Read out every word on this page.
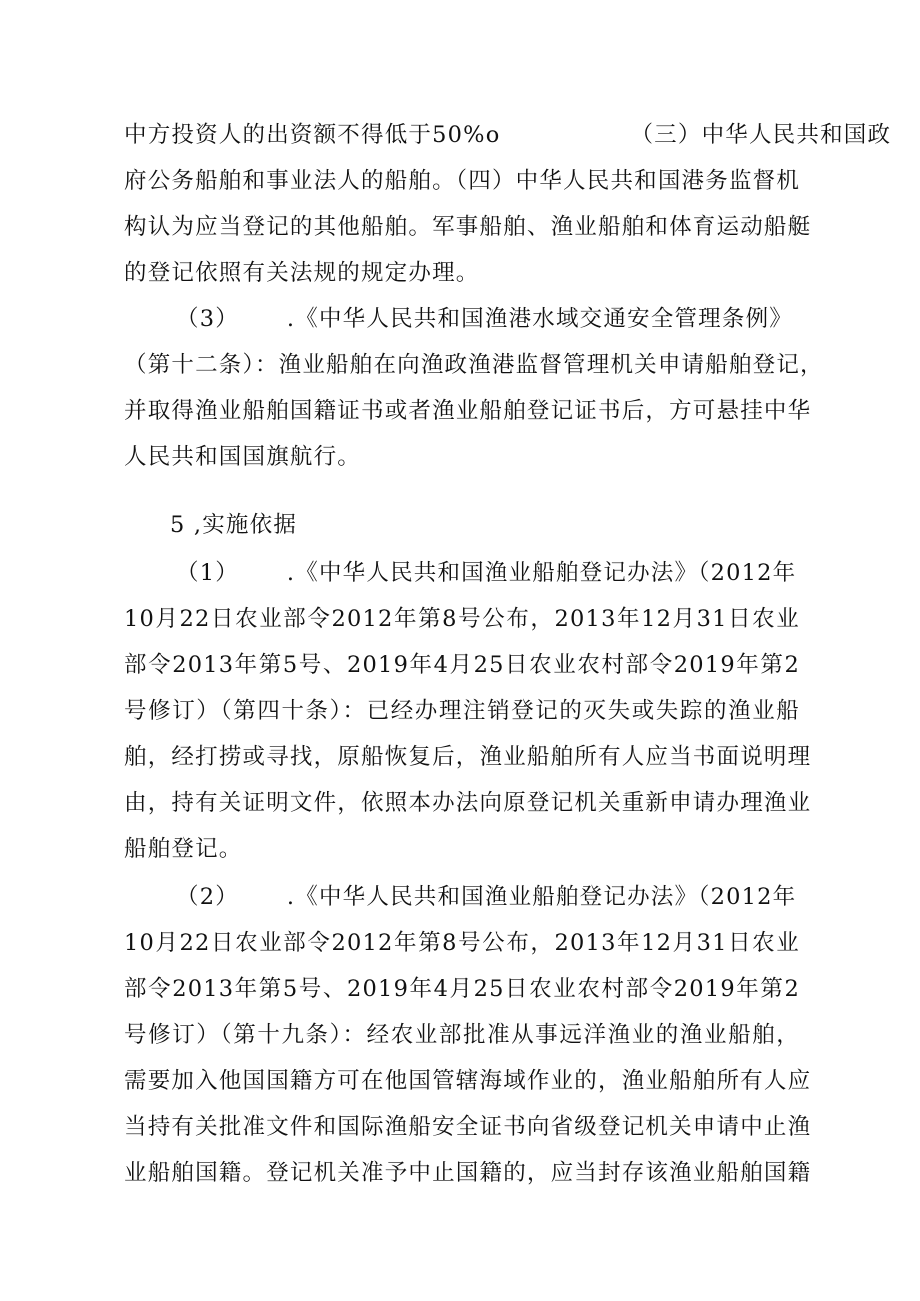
中方投资人的出资额不得低于50%o	（三）中华人民共和国政
府公务船舶和事业法人的船舶。（四）中华人民共和国港务监督机
构认为应当登记的其他船舶。军事船舶、渔业船舶和体育运动船艇
的登记依照有关法规的规定办理。
（3） .《中华人民共和国渔港水域交通安全管理条例》
（第十二条）：渔业船舶在向渔政渔港监督管理机关申请船舶登记，
并取得渔业船舶国籍证书或者渔业船舶登记证书后，方可悬挂中华
人民共和国国旗航行。
5 ,实施依据
（1） .《中华人民共和国渔业船舶登记办法》（2012年
10月22日农业部令2012年第8号公布，2013年12月31日农业
部令2013年第5号、2019年4月25日农业农村部令2019年第2
号修订）（第四十条）：已经办理注销登记的灭失或失踪的渔业船
舶，经打捞或寻找，原船恢复后，渔业船舶所有人应当书面说明理
由，持有关证明文件，依照本办法向原登记机关重新申请办理渔业
船舶登记。
（2） .《中华人民共和国渔业船舶登记办法》（2012年
10月22日农业部令2012年第8号公布，2013年12月31日农业
部令2013年第5号、2019年4月25日农业农村部令2019年第2
号修订）（第十九条）：经农业部批准从事远洋渔业的渔业船舶，
需要加入他国国籍方可在他国管辖海域作业的，渔业船舶所有人应
当持有关批准文件和国际渔船安全证书向省级登记机关申请中止渔
业船舶国籍。登记机关准予中止国籍的，应当封存该渔业船舶国籍
